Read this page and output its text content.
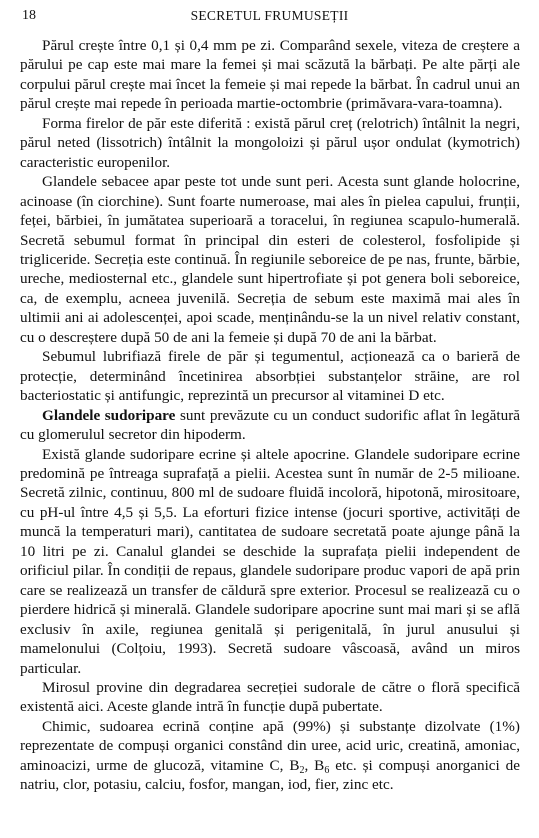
18	SECRETUL FRUMUSEȚII

Părul crește între 0,1 și 0,4 mm pe zi. Comparând sexele, viteza de creștere a părului pe cap este mai mare la femei și mai scăzută la bărbați. Pe alte părți ale corpului părul crește mai încet la femeie și mai repede la bărbat. În cadrul unui an părul crește mai repede în perioada martie-octombrie (primăvara-vara-toamna).

Forma firelor de păr este diferită : există părul creț (relotrich) întâlnit la negri, părul neted (lissotrich) întâlnit la mongoloizi și părul ușor ondulat (kymotrich) caracteristic europenilor.

Glandele sebacee apar peste tot unde sunt peri. Acesta sunt glande holocrine, acinoase (în ciorchine). Sunt foarte numeroase, mai ales în pielea capului, frunții, feței, bărbiei, în jumătatea superioară a toracelui, în regiunea scapulo-humerală. Secretă sebumul format în principal din esteri de colesterol, fosfolipide și trigliceride. Secreția este continuă. În regiunile seboreice de pe nas, frunte, bărbie, ureche, mediosternal etc., glandele sunt hipertrofiate și pot genera boli seboreice, ca, de exemplu, acneea juvenilă. Secreția de sebum este maximă mai ales în ultimii ani ai adolescenței, apoi scade, menținându-se la un nivel relativ constant, cu o descreștere după 50 de ani la femeie și după 70 de ani la bărbat.

Sebumul lubrifiază firele de păr și tegumentul, acționează ca o barieră de protecție, determinând încetinirea absorbției substanțelor străine, are rol bacteriostatic și antifungic, reprezintă un precursor al vitaminei D etc.

Glandele sudoripare sunt prevăzute cu un conduct sudorific aflat în legătură cu glomerulul secretor din hipoderm.

Există glande sudoripare ecrine și altele apocrine. Glandele sudoripare ecrine predomină pe întreaga suprafață a pielii. Acestea sunt în număr de 2-5 milioane. Secretă zilnic, continuu, 800 ml de sudoare fluidă incoloră, hipotonă, mirositoare, cu pH-ul între 4,5 și 5,5. La eforturi fizice intense (jocuri sportive, activități de muncă la temperaturi mari), cantitatea de sudoare secretată poate ajunge până la 10 litri pe zi. Canalul glandei se deschide la suprafața pielii independent de orificiul pilar. În condiții de repaus, glandele sudoripare produc vapori de apă prin care se realizează un transfer de căldură spre exterior. Procesul se realizează cu o pierdere hidrică și minerală. Glandele sudoripare apocrine sunt mai mari și se află exclusiv în axile, regiunea genitală și perigenitală, în jurul anusului și mamelonului (Colțoiu, 1993). Secretă sudoare vâscoasă, având un miros particular.

Mirosul provine din degradarea secreției sudorale de către o floră specifică existentă aici. Aceste glande intră în funcție după pubertate.

Chimic, sudoarea ecrină conține apă (99%) și substanțe dizolvate (1%) reprezentate de compuși organici constând din uree, acid uric, creatină, amoniac, aminoacizi, urme de glucoză, vitamine C, $B_2$, $B_6$ etc. și compuși anorganici de natriu, clor, potasiu, calciu, fosfor, mangan, iod, fier, zinc etc.
